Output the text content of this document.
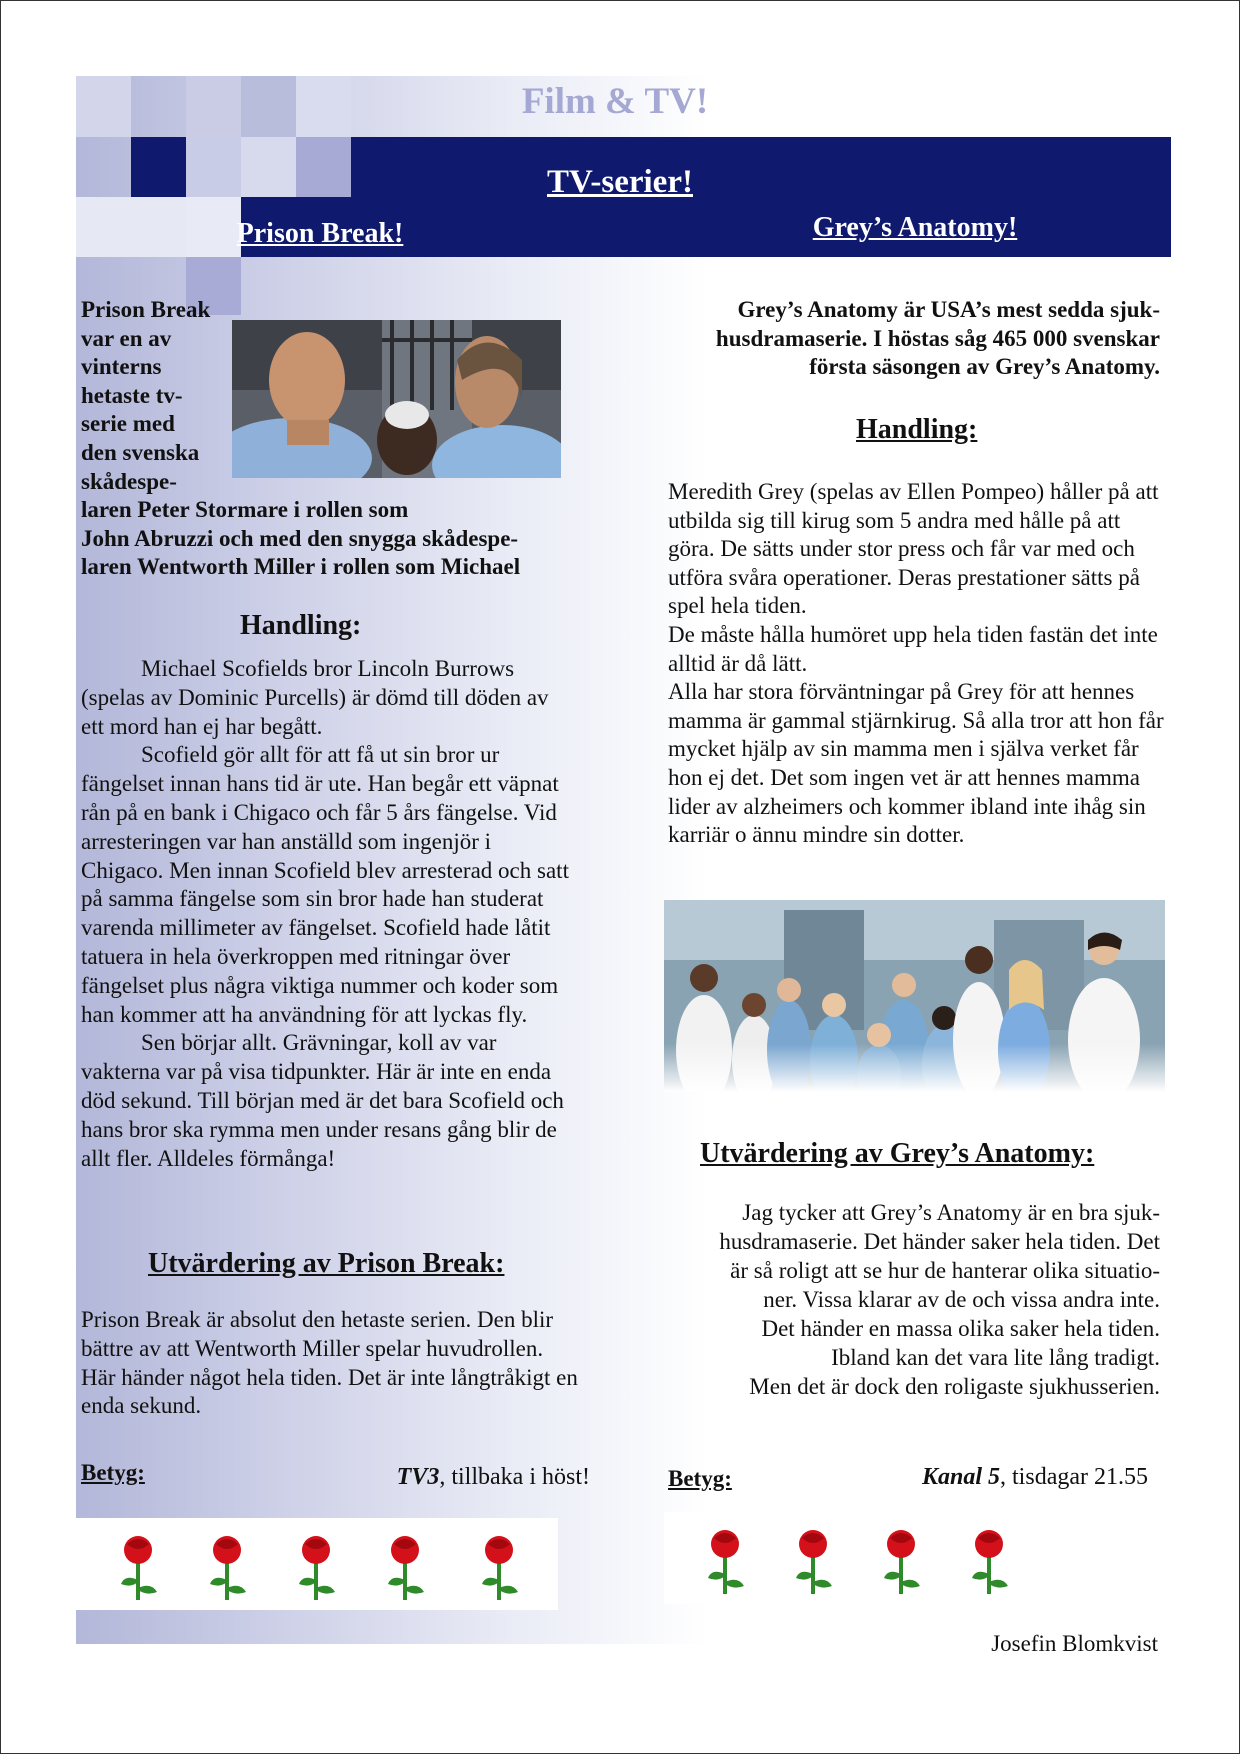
Film & TV!
TV-serier!
Prison Break!	Grey’s Anatomy!
Prison Break
var en av
vinterns
hetaste tv-
serie med
den svenska
skådespe-
laren Peter Stormare i rollen som
John Abruzzi och med den snygga skådespe-
laren Wentworth Miller i rollen som Michael
Handling:

Michael Scofields bror Lincoln Burrows (spelas av Dominic Purcells) är dömd till döden av ett mord han ej har begått.

Scofield gör allt för att få ut sin bror ur fängelset innan hans tid är ute. Han begår ett väpnat rån på en bank i Chigaco och får 5 års fängelse. Vid arresteringen var han anställd som ingenjör i Chigaco. Men innan Scofield blev arresterad och satt på samma fängelse som sin bror hade han studerat varenda millimeter av fängelset. Scofield hade låtit tatuera in hela överkroppen med ritningar över fängelset plus några viktiga nummer och koder som han kommer att ha användning för att lyckas fly.

Sen börjar allt. Grävningar, koll av var vakterna var på visa tidpunkter. Här är inte en enda död sekund. Till början med är det bara Scofield och hans bror ska rymma men under resans gång blir de allt fler. Alldeles förmånga!

Utvärdering av Prison Break:
Prison Break är absolut den hetaste serien. Den blir bättre av att Wentworth Miller spelar huvudrollen. Här händer något hela tiden. Det är inte långtråkigt en enda sekund.
Betyg:	TV3, tillbaka i höst!
Grey’s Anatomy är USA’s mest sedda sjuk-
husdramaserie. I höstas såg 465 000 svenskar
första säsongen av Grey’s Anatomy.
Handling:

Meredith Grey (spelas av Ellen Pompeo) håller på att utbilda sig till kirug som 5 andra med hålle på att göra. De sätts under stor press och får var med och utföra svåra operationer. Deras prestationer sätts på spel hela tiden.

De måste hålla humöret upp hela tiden fastän det inte alltid är då lätt.

Alla har stora förväntningar på Grey för att hennes mamma är gammal stjärnkirug. Så alla tror att hon får mycket hjälp av sin mamma men i själva verket får hon ej det. Det som ingen vet är att hennes mamma lider av alzheimers och kommer ibland inte ihåg sin karriär o ännu mindre sin dotter.

Utvärdering av Grey’s Anatomy:
Jag tycker att Grey’s Anatomy är en bra sjuk-
husdramaserie. Det händer saker hela tiden. Det
är så roligt att se hur de hanterar olika situatio-
ner. Vissa klarar av de och vissa andra inte.
Det händer en massa olika saker hela tiden.
Ibland kan det vara lite lång tradigt.
Men det är dock den roligaste sjukhusserien.
Betyg:	Kanal 5, tisdagar 21.55
Josefin Blomkvist
